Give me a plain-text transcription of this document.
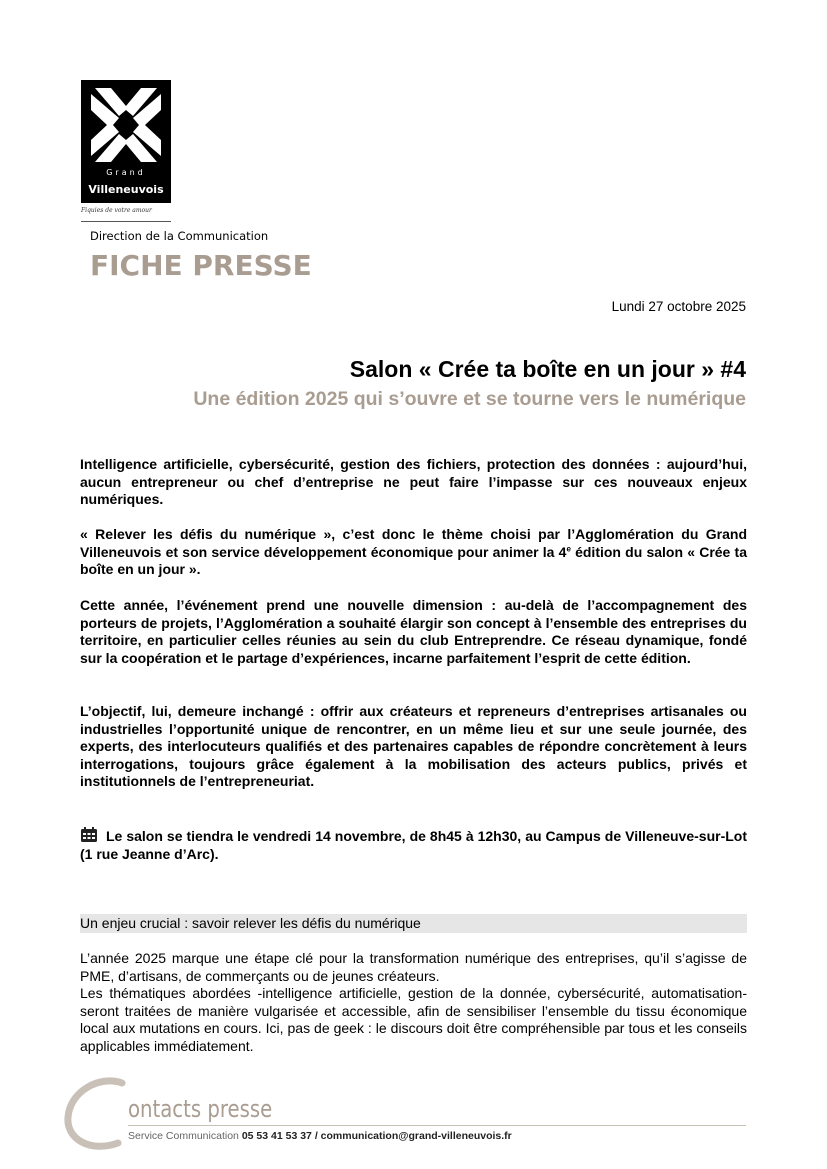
Grand
Villeneuvois
Fiquies de votre amour
Direction de la Communication
FICHE PRESSE
Lundi 27 octobre 2025
Salon « Crée ta boîte en un jour » #4
Une édition 2025 qui s’ouvre et se tourne vers le numérique
Intelligence artificielle, cybersécurité, gestion des fichiers, protection des données : aujourd’hui, aucun entrepreneur ou chef d’entreprise ne peut faire l’impasse sur ces nouveaux enjeux numériques.
« Relever les défis du numérique », c’est donc le thème choisi par l’Agglomération du Grand Villeneuvois et son service développement économique pour animer la 4e édition du salon « Crée ta boîte en un jour ».
Cette année, l’événement prend une nouvelle dimension : au-delà de l’accompagnement des porteurs de projets, l’Agglomération a souhaité élargir son concept à l’ensemble des entreprises du territoire, en particulier celles réunies au sein du club Entreprendre. Ce réseau dynamique, fondé sur la coopération et le partage d’expériences, incarne parfaitement l’esprit de cette édition.
L’objectif, lui, demeure inchangé : offrir aux créateurs et repreneurs d’entreprises artisanales ou industrielles l’opportunité unique de rencontrer, en un même lieu et sur une seule journée, des experts, des interlocuteurs qualifiés et des partenaires capables de répondre concrètement à leurs interrogations, toujours grâce également à la mobilisation des acteurs publics, privés et institutionnels de l’entrepreneuriat.
Le salon se tiendra le vendredi 14 novembre, de 8h45 à 12h30, au Campus de Villeneuve-sur-Lot (1 rue Jeanne d’Arc).
Un enjeu crucial : savoir relever les défis du numérique
L’année 2025 marque une étape clé pour la transformation numérique des entreprises, qu’il s’agisse de PME, d’artisans, de commerçants ou de jeunes créateurs.
Les thématiques abordées -intelligence artificielle, gestion de la donnée, cybersécurité, automatisation- seront traitées de manière vulgarisée et accessible, afin de sensibiliser l’ensemble du tissu économique local aux mutations en cours. Ici, pas de geek : le discours doit être compréhensible par tous et les conseils applicables immédiatement.
ontacts presse
Service Communication 05 53 41 53 37 / communication@grand-villeneuvois.fr
